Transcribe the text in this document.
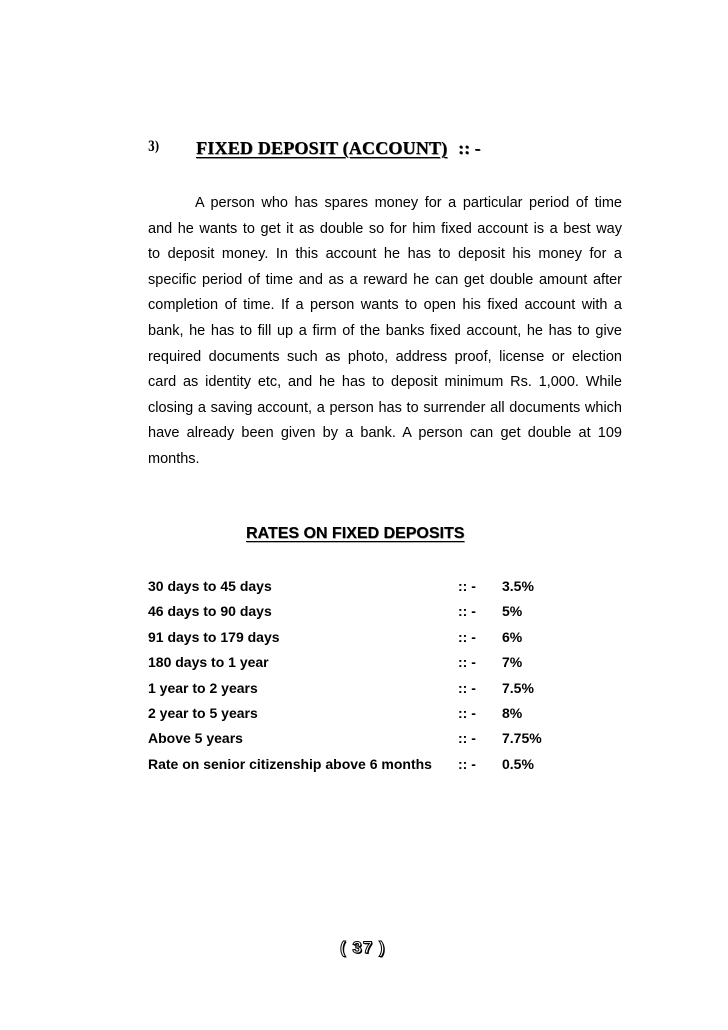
3) FIXED DEPOSIT (ACCOUNT) :: -

A person who has spares money for a particular period of time and he wants to get it as double so for him fixed account is a best way to deposit money. In this account he has to deposit his money for a specific period of time and as a reward he can get double amount after completion of time. If a person wants to open his fixed account with a bank, he has to fill up a firm of the banks fixed account, he has to give required documents such as photo, address proof, license or election card as identity etc, and he has to deposit minimum Rs. 1,000. While closing a saving account, a person has to surrender all documents which have already been given by a bank. A person can get double at 109 months.

RATES ON FIXED DEPOSITS
30 days to 45 days	:: - 3.5%
46 days to 90 days	:: - 5%
91 days to 179 days	:: - 6%
180 days to 1 year	:: - 7%
1 year to 2 years	:: - 7.5%
2 year to 5 years	:: - 8%
Above 5 years	:: - 7.75%
Rate on senior citizenship above 6 months :: - 0.5%
( 37 )
